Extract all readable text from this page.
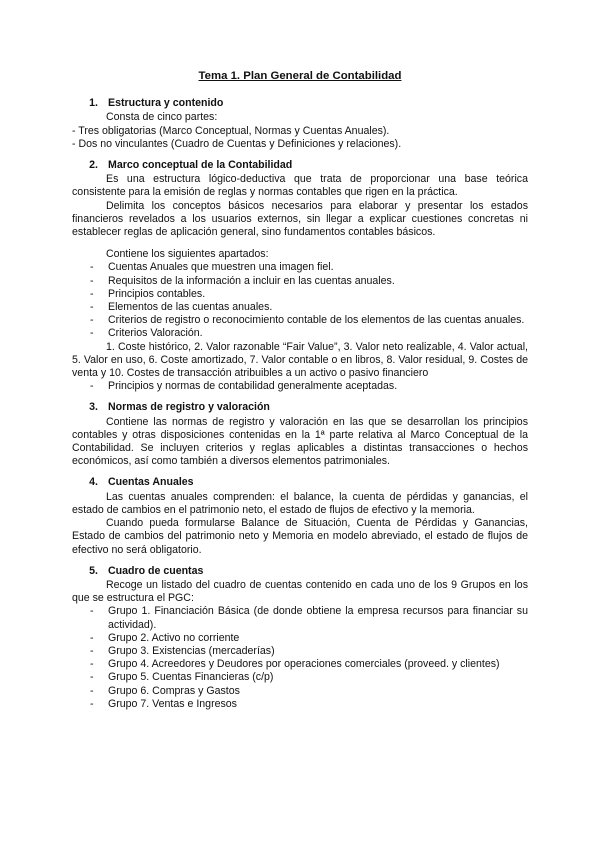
Tema 1. Plan General de Contabilidad
1. Estructura y contenido

Consta de cinco partes:

- Tres obligatorias (Marco Conceptual, Normas y Cuentas Anuales).

- Dos no vinculantes (Cuadro de Cuentas y Definiciones y relaciones).

2. Marco conceptual de la Contabilidad

Es una estructura lógico-deductiva que trata de proporcionar una base teórica consistente para la emisión de reglas y normas contables que rigen en la práctica.

Delimita los conceptos básicos necesarios para elaborar y presentar los estados financieros revelados a los usuarios externos, sin llegar a explicar cuestiones concretas ni establecer reglas de aplicación general, sino fundamentos contables básicos.

Contiene los siguientes apartados:

- Cuentas Anuales que muestren una imagen fiel.
- Requisitos de la información a incluir en las cuentas anuales.
- Principios contables.
- Elementos de las cuentas anuales.
- Criterios de registro o reconocimiento contable de los elementos de las cuentas anuales.
- Criterios Valoración.

1. Coste histórico, 2. Valor razonable “Fair Value”, 3. Valor neto realizable, 4. Valor actual, 5. Valor en uso, 6. Coste amortizado, 7. Valor contable o en libros, 8. Valor residual, 9. Costes de venta y 10. Costes de transacción atribuibles a un activo o pasivo financiero

- Principios y normas de contabilidad generalmente aceptadas.
3. Normas de registro y valoración

Contiene las normas de registro y valoración en las que se desarrollan los principios contables y otras disposiciones contenidas en la 1ª parte relativa al Marco Conceptual de la Contabilidad. Se incluyen criterios y reglas aplicables a distintas transacciones o hechos económicos, así como también a diversos elementos patrimoniales.

4. Cuentas Anuales

Las cuentas anuales comprenden: el balance, la cuenta de pérdidas y ganancias, el estado de cambios en el patrimonio neto, el estado de flujos de efectivo y la memoria.

Cuando pueda formularse Balance de Situación, Cuenta de Pérdidas y Ganancias, Estado de cambios del patrimonio neto y Memoria en modelo abreviado, el estado de flujos de efectivo no será obligatorio.

5. Cuadro de cuentas

Recoge un listado del cuadro de cuentas contenido en cada uno de los 9 Grupos en los que se estructura el PGC:

- Grupo 1. Financiación Básica (de donde obtiene la empresa recursos para financiar su actividad).
- Grupo 2. Activo no corriente
- Grupo 3. Existencias (mercaderías)
- Grupo 4. Acreedores y Deudores por operaciones comerciales (proveed. y clientes)
- Grupo 5. Cuentas Financieras (c/p)
- Grupo 6. Compras y Gastos
- Grupo 7. Ventas e Ingresos
